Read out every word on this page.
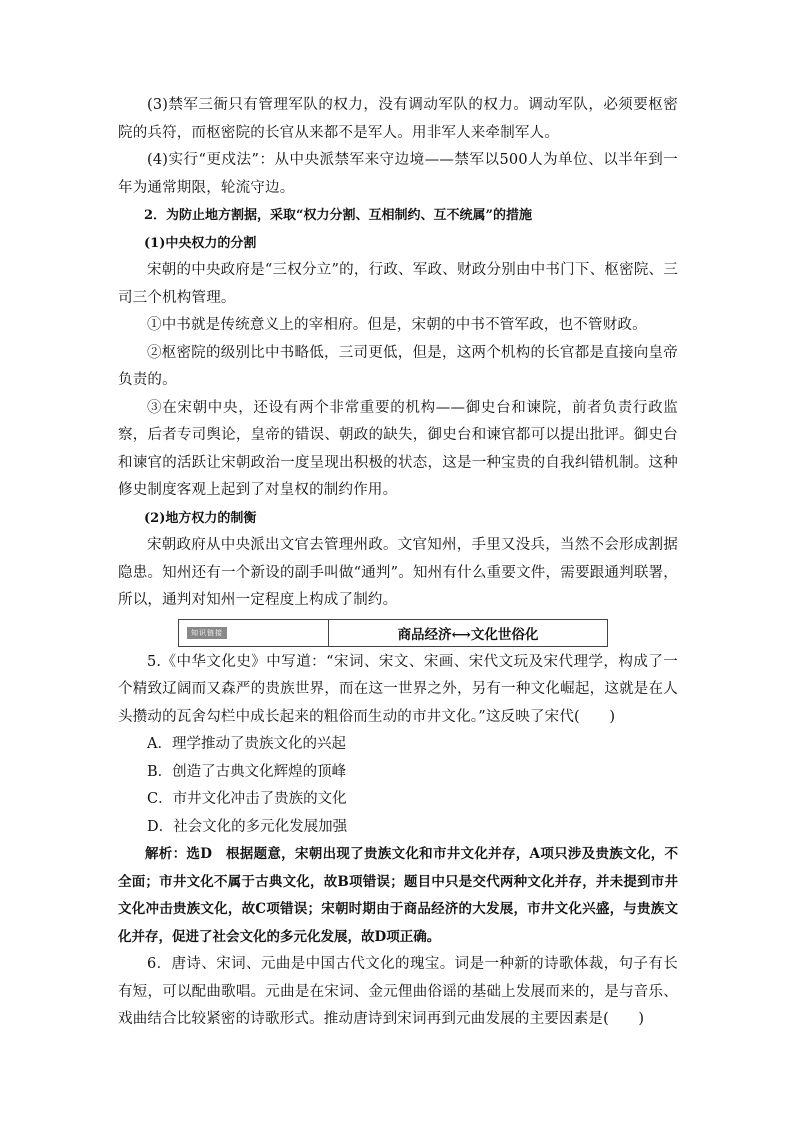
(3)禁军三衙只有管理军队的权力，没有调动军队的权力。调动军队，必须要枢密院的兵符，而枢密院的长官从来都不是军人。用非军人来牵制军人。

(4)实行“更戍法”：从中央派禁军来守边境——禁军以500人为单位、以半年到一年为通常期限，轮流守边。

2．为防止地方割据，采取“权力分割、互相制约、互不统属”的措施

(1)中央权力的分割

宋朝的中央政府是“三权分立”的，行政、军政、财政分别由中书门下、枢密院、三司三个机构管理。

①中书就是传统意义上的宰相府。但是，宋朝的中书不管军政，也不管财政。

②枢密院的级别比中书略低，三司更低，但是，这两个机构的长官都是直接向皇帝负责的。

③在宋朝中央，还设有两个非常重要的机构——御史台和谏院，前者负责行政监察，后者专司舆论，皇帝的错误、朝政的缺失，御史台和谏官都可以提出批评。御史台和谏官的活跃让宋朝政治一度呈现出积极的状态，这是一种宝贵的自我纠错机制。这种修史制度客观上起到了对皇权的制约作用。

(2)地方权力的制衡

宋朝政府从中央派出文官去管理州政。文官知州，手里又没兵，当然不会形成割据隐患。知州还有一个新设的副手叫做“通判”。知州有什么重要文件，需要跟通判联署，所以，通判对知州一定程度上构成了制约。

知识链接	商品经济⟷文化世俗化

5.《中华文化史》中写道：“宋词、宋文、宋画、宋代文玩及宋代理学，构成了一个精致辽阔而又森严的贵族世界，而在这一世界之外，另有一种文化崛起，这就是在人头攒动的瓦舍勾栏中成长起来的粗俗而生动的市井文化。”这反映了宋代(　　)

A．理学推动了贵族文化的兴起

B．创造了古典文化辉煌的顶峰

C．市井文化冲击了贵族的文化

D．社会文化的多元化发展加强

解析：选D　根据题意，宋朝出现了贵族文化和市井文化并存，A项只涉及贵族文化，不全面；市井文化不属于古典文化，故B项错误；题目中只是交代两种文化并存，并未提到市井文化冲击贵族文化，故C项错误；宋朝时期由于商品经济的大发展，市井文化兴盛，与贵族文化并存，促进了社会文化的多元化发展，故D项正确。

6．唐诗、宋词、元曲是中国古代文化的瑰宝。词是一种新的诗歌体裁，句子有长有短，可以配曲歌唱。元曲是在宋词、金元俚曲俗谣的基础上发展而来的，是与音乐、戏曲结合比较紧密的诗歌形式。推动唐诗到宋词再到元曲发展的主要因素是(　　)
